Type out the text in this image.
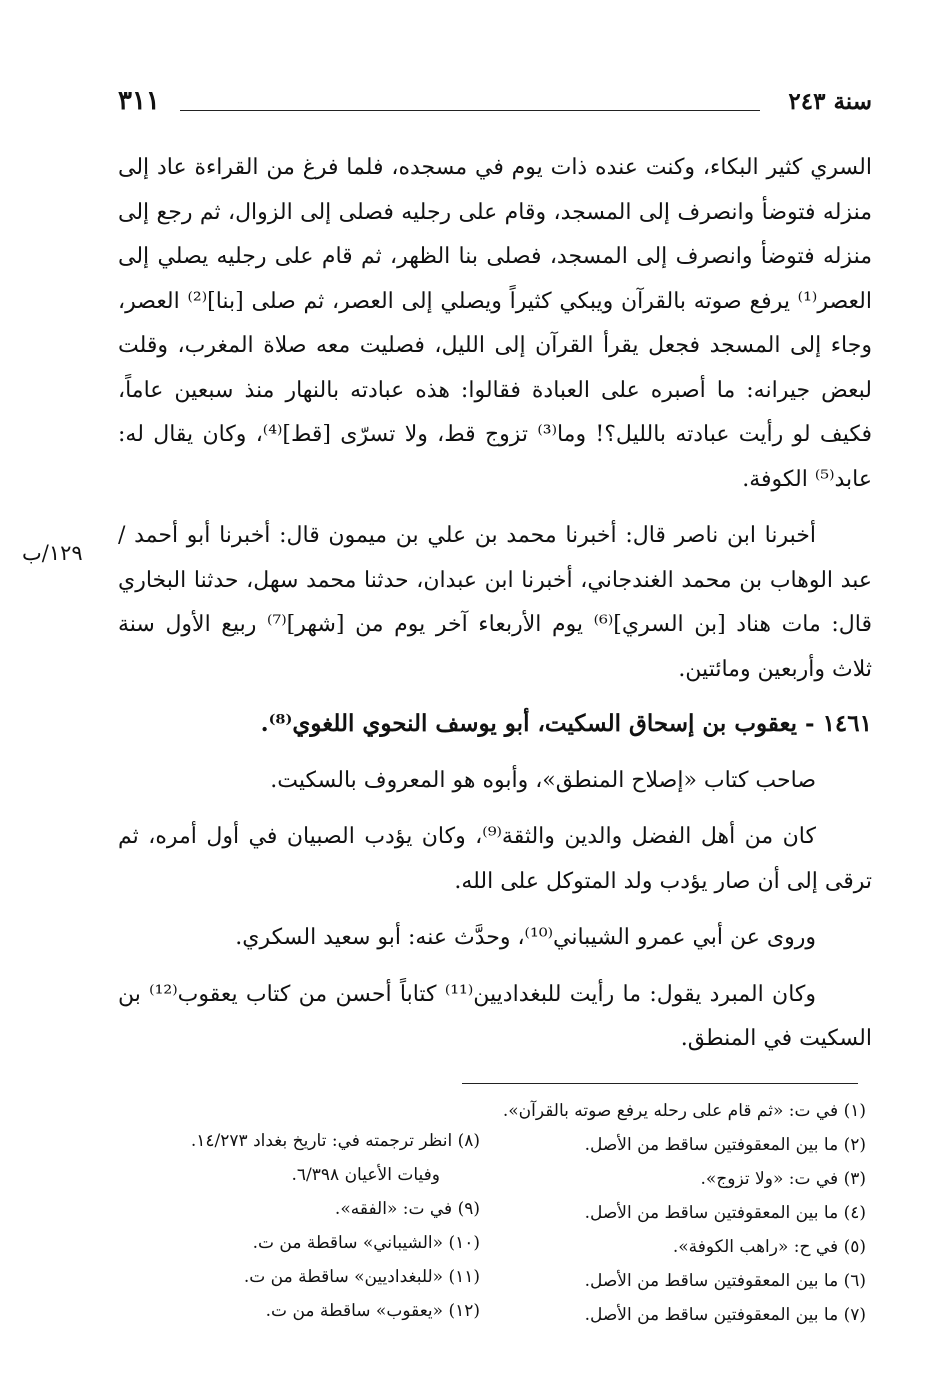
سنة ٢٤٣
٣١١
١٢٩/ب

السري كثير البكاء، وكنت عنده ذات يوم في مسجده، فلما فرغ من القراءة عاد إلى منزله فتوضأ وانصرف إلى المسجد، وقام على رجليه فصلى إلى الزوال، ثم رجع إلى منزله فتوضأ وانصرف إلى المسجد، فصلى بنا الظهر، ثم قام على رجليه يصلي إلى العصر⁽¹⁾ يرفع صوته بالقرآن ويبكي كثيراً ويصلي إلى العصر، ثم صلى [بنا]⁽²⁾ العصر، وجاء إلى المسجد فجعل يقرأ القرآن إلى الليل، فصليت معه صلاة المغرب، وقلت لبعض جيرانه: ما أصبره على العبادة فقالوا: هذه عبادته بالنهار منذ سبعين عاماً، فكيف لو رأيت عبادته بالليل؟! وما⁽³⁾ تزوج قط، ولا تسرّى [قط]⁽⁴⁾، وكان يقال له: عابد⁽⁵⁾ الكوفة.

أخبرنا ابن ناصر قال: أخبرنا محمد بن علي بن ميمون قال: أخبرنا أبو أحمد / عبد الوهاب بن محمد الغندجاني، أخبرنا ابن عبدان، حدثنا محمد سهل، حدثنا البخاري قال: مات هناد [بن السري]⁽⁶⁾ يوم الأربعاء آخر يوم من [شهر]⁽⁷⁾ ربيع الأول سنة ثلاث وأربعين ومائتين.

١٤٦١ - يعقوب بن إسحاق السكيت، أبو يوسف النحوي اللغوي⁽⁸⁾.

صاحب كتاب «إصلاح المنطق»، وأبوه هو المعروف بالسكيت.

كان من أهل الفضل والدين والثقة⁽⁹⁾، وكان يؤدب الصبيان في أول أمره، ثم ترقى إلى أن صار يؤدب ولد المتوكل على الله.

وروى عن أبي عمرو الشيباني⁽¹⁰⁾، وحدَّث عنه: أبو سعيد السكري.

وكان المبرد يقول: ما رأيت للبغداديين⁽¹¹⁾ كتاباً أحسن من كتاب يعقوب⁽¹²⁾ بن السكيت في المنطق.

(١) في ت: «ثم قام على رحله يرفع صوته بالقرآن».
(٢) ما بين المعقوفتين ساقط من الأصل.
(٣) في ت: «ولا تزوج».
(٤) ما بين المعقوفتين ساقط من الأصل.
(٥) في ح: «راهب الكوفة».
(٦) ما بين المعقوفتين ساقط من الأصل.
(٧) ما بين المعقوفتين ساقط من الأصل.
(٨) انظر ترجمته في: تاريخ بغداد ١٤/٢٧٣.
وفيات الأعيان ٦/٣٩٨.
(٩) في ت: «الفقه».
(١٠) «الشيباني» ساقطة من ت.
(١١) «للبغداديين» ساقطة من ت.
(١٢) «يعقوب» ساقطة من ت.
